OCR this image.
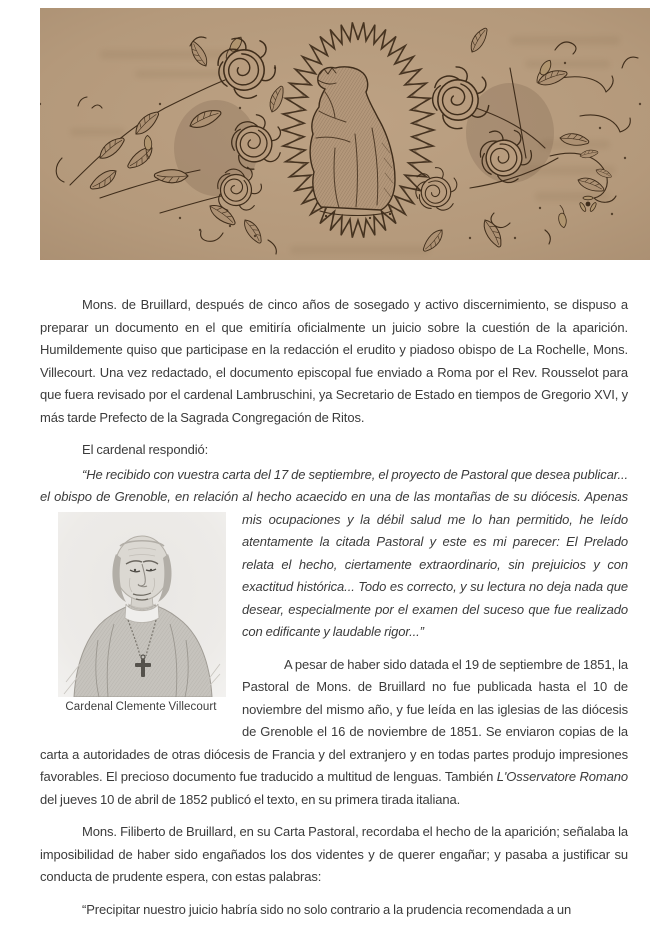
Mons. de Bruillard, después de cinco años de sosegado y activo discernimiento, se dispuso a preparar un documento en el que emitiría oficialmente un juicio sobre la cuestión de la aparición. Humildemente quiso que participase en la redacción el erudito y piadoso obispo de La Rochelle, Mons. Villecourt. Una vez redactado, el documento episcopal fue enviado a Roma por el Rev. Rousselot para que fuera revisado por el cardenal Lambruschini, ya Secretario de Estado en tiempos de Gregorio XVI, y más tarde Prefecto de la Sagrada Congregación de Ritos.

El cardenal respondió:

“He recibido con vuestra carta del 17 de septiembre, el proyecto de Pastoral que desea publicar... el obispo de Grenoble, en relación al hecho acaecido en una de las montañas de su
Cardenal Clemente Villecourt
diócesis. Apenas mis ocupaciones y la débil salud me lo han permitido, he leído atentamente la citada Pastoral y este es mi parecer: El Prelado relata el hecho, ciertamente extraordinario, sin prejuicios y con exactitud histórica... Todo es correcto, y su lectura no deja nada que desear, especialmente por el examen del suceso que fue realizado con edificante y laudable rigor...”

A pesar de haber sido datada el 19 de septiembre de 1851, la Pastoral de Mons. de Bruillard no fue publicada hasta el 10 de noviembre del mismo año, y fue leída en las iglesias de las diócesis de Grenoble el 16 de noviembre de 1851. Se enviaron copias de la carta a autoridades de otras diócesis de Francia y del extranjero y en todas partes produjo impresiones favorables. El precioso documento fue traducido a multitud de lenguas. También L'Osservatore Romano del jueves 10 de abril de 1852 publicó el texto, en su primera tirada italiana.

Mons. Filiberto de Bruillard, en su Carta Pastoral, recordaba el hecho de la aparición; señalaba la imposibilidad de haber sido engañados los dos videntes y de querer engañar; y pasaba a justificar su conducta de prudente espera, con estas palabras:

“Precipitar nuestro juicio habría sido no solo contrario a la prudencia recomendada a un
